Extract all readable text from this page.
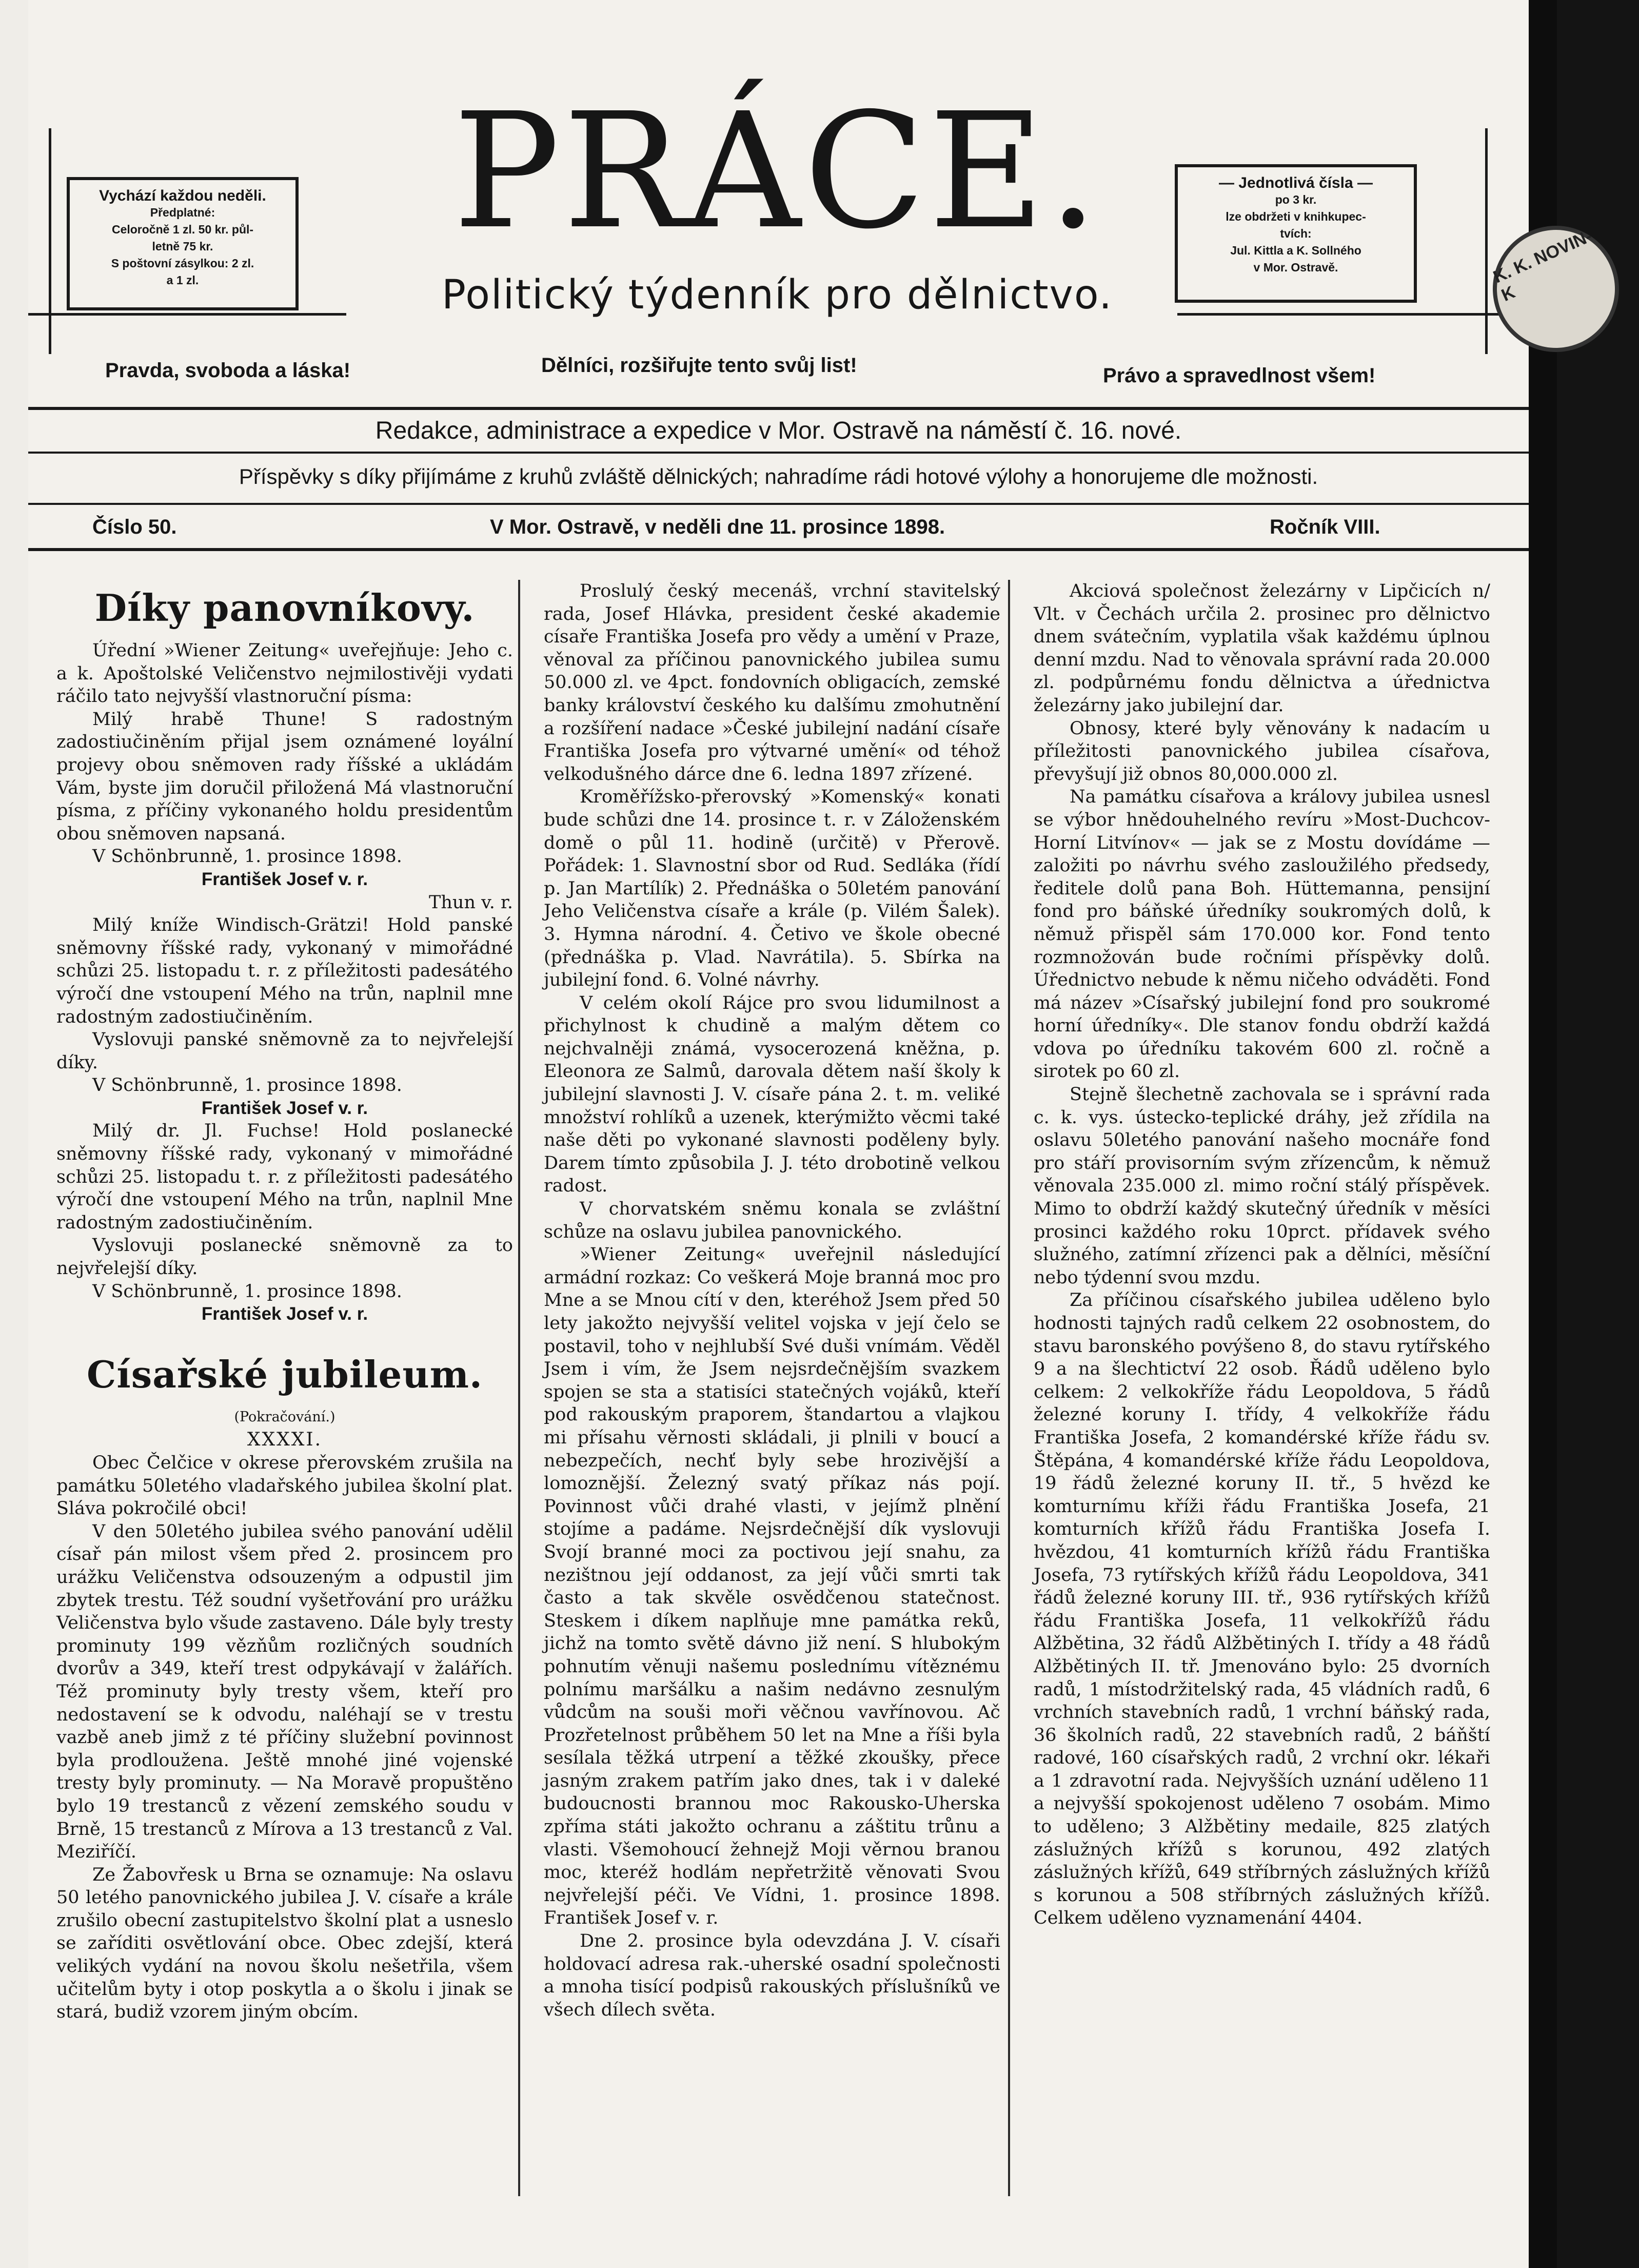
Vychází každou neděli.
Předplatné:
Celoročně 1 zl. 50 kr. půl-
letně 75 kr.
S poštovní zásylkou: 2 zl.
a 1 zl.
— Jednotlivá čísla —
po 3 kr.
lze obdržeti v knihkupec-
tvích:
Jul. Kittla a K. Sollného
v Mor. Ostravě.
PRÁCE.
Politický týdenník pro dělnictvo.
Pravda, svoboda a láska!	Dělníci, rozšiřujte tento svůj list!	Právo a spravedlnost všem!
K. K. NOVIN-K
Redakce, administrace a expedice v Mor. Ostravě na náměstí č. 16. nové.
Příspěvky s díky přijímáme z kruhů zvláště dělnických; nahradíme rádi hotové výlohy a honorujeme dle možnosti.
Číslo 50.	V Mor. Ostravě, v neděli dne 11. prosince 1898.	Ročník VIII.
Díky panovníkovy.

Úřední »Wiener Zeitung« uveřejňuje: Jeho c. a k. Apoštolské Veličenstvo nejmilostivěji vydati ráčilo tato nejvyšší vlastnoruční písma:

Milý hrabě Thune! S radostným zadostiučiněním přijal jsem oznámené loyální projevy obou sněmoven rady říšské a ukládám Vám, byste jim doručil přiložená Má vlastnoruční písma, z příčiny vykonaného holdu presidentům obou sněmoven napsaná.

V Schönbrunně, 1. prosince 1898.

František Josef v. r.

Thun v. r.

Milý kníže Windisch-Grätzi! Hold panské sněmovny říšské rady, vykonaný v mimořádné schůzi 25. listopadu t. r. z příležitosti padesátého výročí dne vstoupení Mého na trůn, naplnil mne radostným zadostiučiněním.

Vyslovuji panské sněmovně za to nejvřelejší díky.

V Schönbrunně, 1. prosince 1898.

František Josef v. r.

Milý dr. Jl. Fuchse! Hold poslanecké sněmovny říšské rady, vykonaný v mimořádné schůzi 25. listopadu t. r. z příležitosti padesátého výročí dne vstoupení Mého na trůn, naplnil Mne radostným zadostiučiněním.

Vyslovuji poslanecké sněmovně za to nejvřelejší díky.

V Schönbrunně, 1. prosince 1898.

František Josef v. r.

Císařské jubileum.

(Pokračování.)

XXXXI.

Obec Čelčice v okrese přerovském zrušila na památku 50letého vladařského jubilea školní plat. Sláva pokročilé obci!

V den 50letého jubilea svého panování udělil císař pán milost všem před 2. prosincem pro urážku Veličenstva odsouzeným a odpustil jim zbytek trestu. Též soudní vyšetřování pro urážku Veličenstva bylo všude zastaveno. Dále byly tresty prominuty 199 vězňům rozličných soudních dvorův a 349, kteří trest odpykávají v žalářích. Též prominuty byly tresty všem, kteří pro nedostavení se k odvodu, naléhají se v trestu vazbě aneb jimž z té příčiny služební povinnost byla prodloužena. Ještě mnohé jiné vojenské tresty byly prominuty. — Na Moravě propuštěno bylo 19 trestanců z vězení zemského soudu v Brně, 15 trestanců z Mírova a 13 trestanců z Val. Meziříčí.

Ze Žabovřesk u Brna se oznamuje: Na oslavu 50 letého panovnického jubilea J. V. císaře a krále zrušilo obecní zastupitelstvo školní plat a usneslo se zaříditi osvětlování obce. Obec zdejší, která velikých vydání na novou školu nešetřila, všem učitelům byty i otop poskytla a o školu i jinak se stará, budiž vzorem jiným obcím.

Proslulý český mecenáš, vrchní stavitelský rada, Josef Hlávka, president české akademie císaře Františka Josefa pro vědy a umění v Praze, věnoval za příčinou panovnického jubilea sumu 50.000 zl. ve 4pct. fondovních obligacích, zemské banky království českého ku dalšímu zmohutnění a rozšíření nadace »České jubilejní nadání císaře Františka Josefa pro výtvarné umění« od téhož velkodušného dárce dne 6. ledna 1897 zřízené.

Kroměřížsko-přerovský »Komenský« konati bude schůzi dne 14. prosince t. r. v Záloženském domě o půl 11. hodině (určitě) v Přerově. Pořádek: 1. Slavnostní sbor od Rud. Sedláka (řídí p. Jan Martílík) 2. Přednáška o 50letém panování Jeho Veličenstva císaře a krále (p. Vilém Šalek). 3. Hymna národní. 4. Četivo ve škole obecné (přednáška p. Vlad. Navrátila). 5. Sbírka na jubilejní fond. 6. Volné návrhy.

V celém okolí Rájce pro svou lidumilnost a přichylnost k chudině a malým dětem co nejchvalněji známá, vysocerozená kněžna, p. Eleonora ze Salmů, darovala dětem naší školy k jubilejní slavnosti J. V. císaře pána 2. t. m. veliké množství rohlíků a uzenek, kterýmižto věcmi také naše děti po vykonané slavnosti poděleny byly. Darem tímto způsobila J. J. této drobotině velkou radost.

V chorvatském sněmu konala se zvláštní schůze na oslavu jubilea panovnického.

»Wiener Zeitung« uveřejnil následující armádní rozkaz: Co veškerá Moje branná moc pro Mne a se Mnou cítí v den, kteréhož Jsem před 50 lety jakožto nejvyšší velitel vojska v její čelo se postavil, toho v nejhlubší Své duši vnímám. Věděl Jsem i vím, že Jsem nejsrdečnějším svazkem spojen se sta a statisíci statečných vojáků, kteří pod rakouským praporem, štandartou a vlajkou mi přísahu věrnosti skládali, ji plnili v boucí a nebezpečích, nechť byly sebe hrozivější a lomoznější. Železný svatý příkaz nás pojí. Povinnost vůči drahé vlasti, v jejímž plnění stojíme a padáme. Nejsrdečnější dík vyslovuji Svojí branné moci za poctivou její snahu, za nezištnou její oddanost, za její vůči smrti tak často a tak skvěle osvědčenou statečnost. Steskem i díkem naplňuje mne památka reků, jichž na tomto světě dávno již není. S hlubokým pohnutím věnuji našemu poslednímu vítěznému polnímu maršálku a našim nedávno zesnulým vůdcům na souši moři věčnou vavřínovou. Ač Prozřetelnost průběhem 50 let na Mne a říši byla sesílala těžká utrpení a těžké zkoušky, přece jasným zrakem patřím jako dnes, tak i v daleké budoucnosti brannou moc Rakousko-Uherska zpříma státi jakožto ochranu a záštitu trůnu a vlasti. Všemohoucí žehnejž Moji věrnou branou moc, kteréž hodlám nepřetržitě věnovati Svou nejvřelejší péči. Ve Vídni, 1. prosince 1898. František Josef v. r.

Dne 2. prosince byla odevzdána J. V. císaři holdovací adresa rak.-uherské osadní společnosti a mnoha tisící podpisů rakouských příslušníků ve všech dílech světa.

Akciová společnost železárny v Lipčicích n/ Vlt. v Čechách určila 2. prosinec pro dělnictvo dnem svátečním, vyplatila však každému úplnou denní mzdu. Nad to věnovala správní rada 20.000 zl. podpůrnému fondu dělnictva a úřednictva železárny jako jubilejní dar.

Obnosy, které byly věnovány k nadacím u příležitosti panovnického jubilea císařova, převyšují již obnos 80,000.000 zl.

Na památku císařova a královy jubilea usnesl se výbor hnědouhelného revíru »Most-Duchcov-Horní Litvínov« — jak se z Mostu dovídáme — založiti po návrhu svého zasloužilého předsedy, ředitele dolů pana Boh. Hüttemanna, pensijní fond pro báňské úředníky soukromých dolů, k němuž přispěl sám 170.000 kor. Fond tento rozmnožován bude ročními příspěvky dolů. Úřednictvo nebude k němu ničeho odváděti. Fond má název »Císařský jubilejní fond pro soukromé horní úředníky«. Dle stanov fondu obdrží každá vdova po úředníku takovém 600 zl. ročně a sirotek po 60 zl.

Stejně šlechetně zachovala se i správní rada c. k. vys. ústecko-teplické dráhy, jež zřídila na oslavu 50letého panování našeho mocnáře fond pro stáří provisorním svým zřízencům, k němuž věnovala 235.000 zl. mimo roční stálý příspěvek. Mimo to obdrží každý skutečný úředník v měsíci prosinci každého roku 10prct. přídavek svého služného, zatímní zřízenci pak a dělníci, měsíční nebo týdenní svou mzdu.

Za příčinou císařského jubilea uděleno bylo hodnosti tajných radů celkem 22 osobnostem, do stavu baronského povýšeno 8, do stavu rytířského 9 a na šlechtictví 22 osob. Řádů uděleno bylo celkem: 2 velkokříže řádu Leopoldova, 5 řádů železné koruny I. třídy, 4 velkokříže řádu Františka Josefa, 2 komandérské kříže řádu sv. Štěpána, 4 komandérské kříže řádu Leopoldova, 19 řádů železné koruny II. tř., 5 hvězd ke komturnímu kříži řádu Františka Josefa, 21 komturních křížů řádu Františka Josefa I. hvězdou, 41 komturních křížů řádu Františka Josefa, 73 rytířských křížů řádu Leopoldova, 341 řádů železné koruny III. tř., 936 rytířských křížů řádu Františka Josefa, 11 velkokřížů řádu Alžbětina, 32 řádů Alžbětiných I. třídy a 48 řádů Alžbětiných II. tř. Jmenováno bylo: 25 dvorních radů, 1 místodržitelský rada, 45 vládních radů, 6 vrchních stavebních radů, 1 vrchní báňský rada, 36 školních radů, 22 stavebních radů, 2 báňští radové, 160 císařských radů, 2 vrchní okr. lékaři a 1 zdravotní rada. Nejvyšších uznání uděleno 11 a nejvyšší spokojenost uděleno 7 osobám. Mimo to uděleno; 3 Alžbětiny medaile, 825 zlatých záslužných křížů s korunou, 492 zlatých záslužných křížů, 649 stříbrných záslužných křížů s korunou a 508 stříbrných záslužných křížů. Celkem uděleno vyznamenání 4404.
